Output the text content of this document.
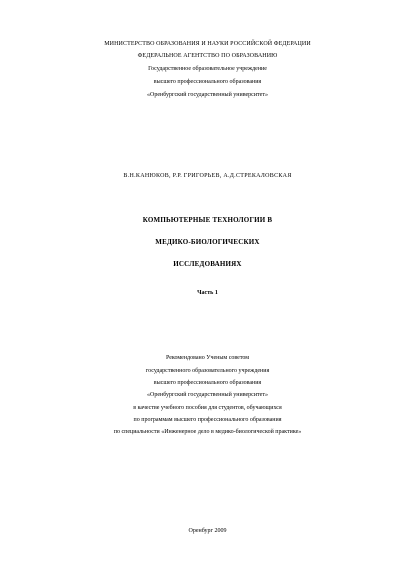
МИНИСТЕРСТВО ОБРАЗОВАНИЯ И НАУКИ РОССИЙСКОЙ ФЕДЕРАЦИИ
ФЕДЕРАЛЬНОЕ АГЕНТСТВО ПО ОБРАЗОВАНИЮ
Государственное образовательное учреждение
высшего профессионального образования
«Оренбургский государственный университет»
В.Н.КАНЮКОВ, Р.Р. ГРИГОРЬЕВ, А.Д.СТРЕКАЛОВСКАЯ
КОМПЬЮТЕРНЫЕ ТЕХНОЛОГИИ В
МЕДИКО-БИОЛОГИЧЕСКИХ
ИССЛЕДОВАНИЯХ
Часть 1
Рекомендовано Ученым советом
государственного образовательного учреждения
высшего профессионального образования
«Оренбургский государственный университет»
в качестве учебного пособия для студентов, обучающихся
по программам высшего профессионального образования
по специальности «Инженерное дело в медико-биологической практике»
Оренбург 2009
